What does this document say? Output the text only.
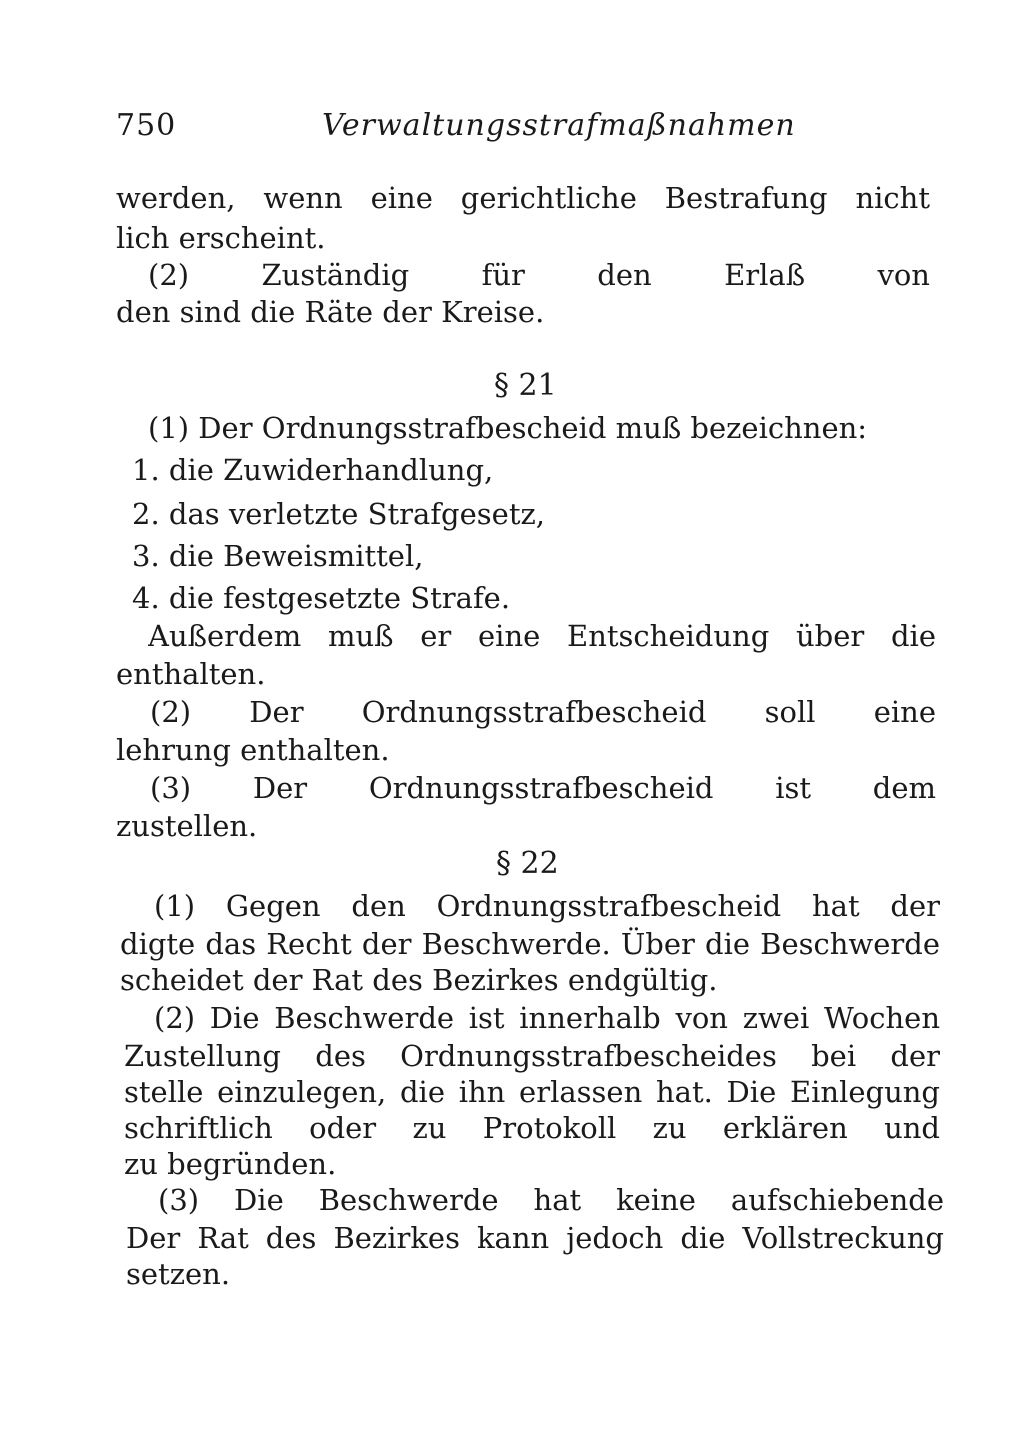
750	Verwaltungsstrafmaßnahmen
werden, wenn eine gerichtliche Bestrafung nicht
lich erscheint.
(2) Zuständig für den Erlaß von
den sind die Räte der Kreise.
§ 21
(1) Der Ordnungsstrafbescheid muß bezeichnen:
1. die Zuwiderhandlung,
2. das verletzte Strafgesetz,
3. die Beweismittel,
4. die festgesetzte Strafe.
Außerdem muß er eine Entscheidung über die
enthalten.
(2) Der Ordnungsstrafbescheid soll eine
lehrung enthalten.
(3) Der Ordnungsstrafbescheid ist dem
zustellen.
§ 22
(1) Gegen den Ordnungsstrafbescheid hat der
digte das Recht der Beschwerde. Über die Beschwerde
scheidet der Rat des Bezirkes endgültig.
(2) Die Beschwerde ist innerhalb von zwei Wochen
Zustellung des Ordnungsstrafbescheides bei der
stelle einzulegen, die ihn erlassen hat. Die Einlegung
schriftlich oder zu Protokoll zu erklären und
zu begründen.
(3) Die Beschwerde hat keine aufschiebende
Der Rat des Bezirkes kann jedoch die Vollstreckung
setzen.
